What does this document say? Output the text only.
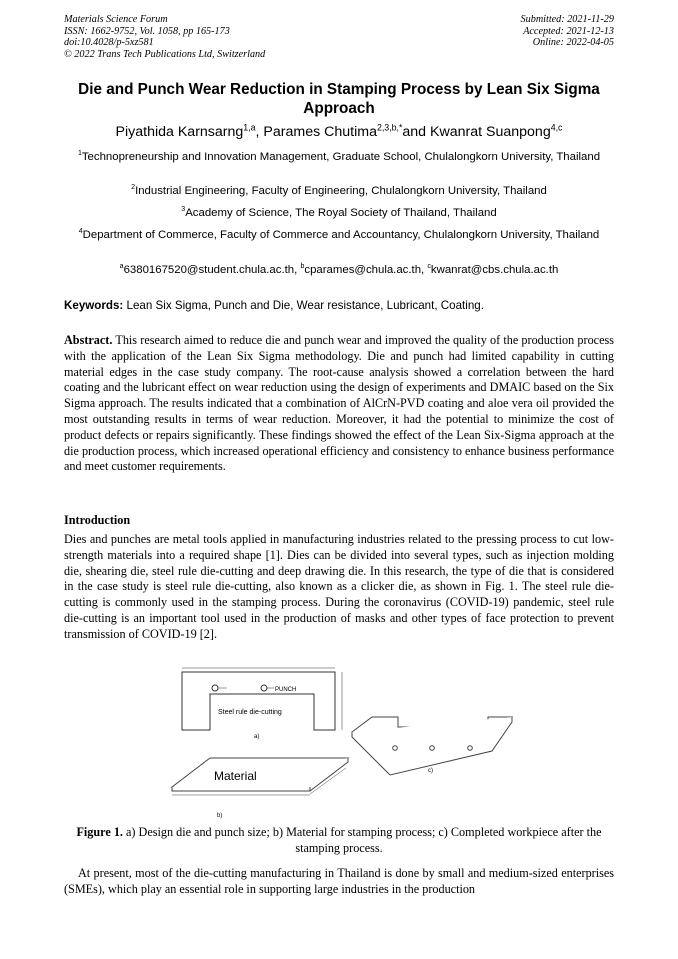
Materials Science Forum
ISSN: 1662-9752, Vol. 1058, pp 165-173
doi:10.4028/p-5xz581
© 2022 Trans Tech Publications Ltd, Switzerland
Submitted: 2021-11-29
Accepted: 2021-12-13
Online: 2022-04-05
Die and Punch Wear Reduction in Stamping Process by Lean Six Sigma Approach
Piyathida Karnsarng$^{1,a}$, Parames Chutima$^{2,3,b,*}$and Kwanrat Suanpong$^{4,c}$
$^1$Technopreneurship and Innovation Management, Graduate School, Chulalongkorn University, Thailand
$^2$Industrial Engineering, Faculty of Engineering, Chulalongkorn University, Thailand
$^3$Academy of Science, The Royal Society of Thailand, Thailand
$^4$Department of Commerce, Faculty of Commerce and Accountancy, Chulalongkorn University, Thailand
$^a$6380167520@student.chula.ac.th, $^b$cparames@chula.ac.th, $^c$kwanrat@cbs.chula.ac.th
Keywords: Lean Six Sigma, Punch and Die, Wear resistance, Lubricant, Coating.

Abstract. This research aimed to reduce die and punch wear and improved the quality of the production process with the application of the Lean Six Sigma methodology. Die and punch had limited capability in cutting material edges in the case study company. The root-cause analysis showed a correlation between the hard coating and the lubricant effect on wear reduction using the design of experiments and DMAIC based on the Six Sigma approach. The results indicated that a combination of AlCrN-PVD coating and aloe vera oil provided the most outstanding results in terms of wear reduction. Moreover, it had the potential to minimize the cost of product defects or repairs significantly. These findings showed the effect of the Lean Six-Sigma approach at the die production process, which increased operational efficiency and consistency to enhance business performance and meet customer requirements.

Introduction

Dies and punches are metal tools applied in manufacturing industries related to the pressing process to cut low-strength materials into a required shape [1]. Dies can be divided into several types, such as injection molding die, shearing die, steel rule die-cutting and deep drawing die. In this research, the type of die that is considered in the case study is steel rule die-cutting, also known as a clicker die, as shown in Fig. 1. The steel rule die-cutting is commonly used in the stamping process. During the coronavirus (COVID-19) pandemic, steel rule die-cutting is an important tool used in the production of masks and other types of face protection to prevent transmission of COVID-19 [2].

PUNCH
Steel rule die-cutting
a)
c)
Material
b)
Figure 1. a) Design die and punch size; b) Material for stamping process; c) Completed workpiece after the stamping process.

At present, most of the die-cutting manufacturing in Thailand is done by small and medium-sized enterprises (SMEs), which play an essential role in supporting large industries in the production
